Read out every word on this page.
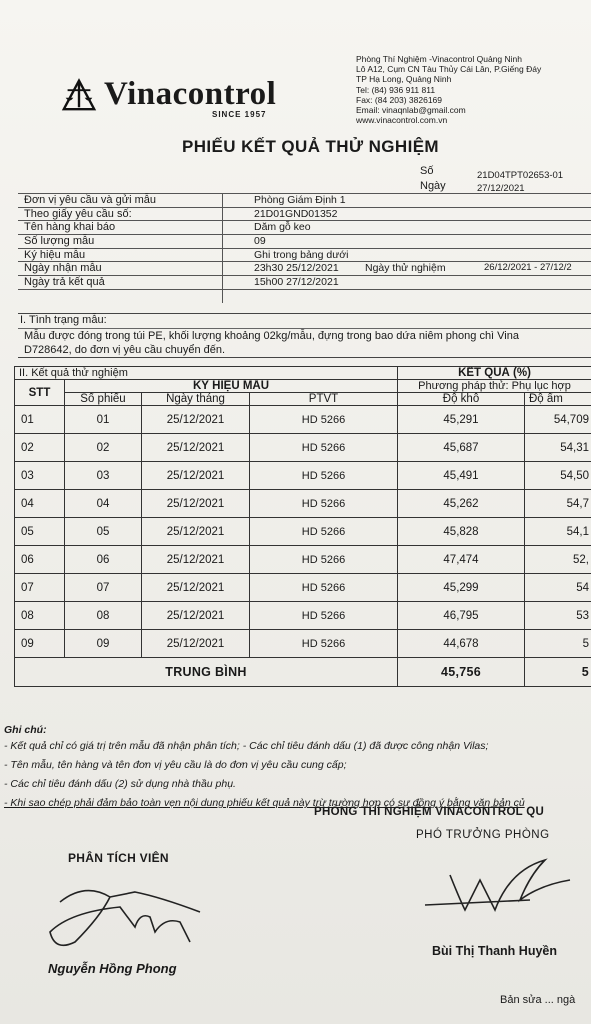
Vinacontrol
SINCE 1957
Phòng Thí Nghiệm -Vinacontrol Quảng Ninh
Lô A12, Cụm CN Tàu Thủy Cái Lân, P.Giếng Đáy
TP Hạ Long, Quảng Ninh
Tel: (84) 936 911 811
Fax: (84 203) 3826169
Email: vinaqnlab@gmail.com
www.vinacontrol.com.vn
PHIẾU KẾT QUẢ THỬ NGHIỆM
Số	21D04TPT02653-01
Ngày	27/12/2021
Đơn vị yêu cầu và gửi mẫu	Phòng Giám Định 1
Theo giấy yêu cầu số:	21D01GND01352
Tên hàng khai báo	Dăm gỗ keo
Số lượng mẫu	09
Ký hiệu mẫu	Ghi trong bảng dưới
Ngày nhận mẫu	23h30 25/12/2021	Ngày thử nghiệm	26/12/2021 - 27/12/2
Ngày trả kết quả	15h00 27/12/2021
I. Tình trạng mẫu:
Mẫu được đóng trong túi PE, khối lượng khoảng 02kg/mẫu, đựng trong bao dứa niêm phong chì Vina
D728642, do đơn vị yêu cầu chuyển đến.
II. Kết quả thử nghiệm				KẾT QUẢ (%)	
STT	KÝ HIỆU MẪU				
				Phương pháp thử: Phụ lục hợp	
	Số phiếu	Ngày tháng	PTVT	Độ khô	Độ ẩm
01	01	25/12/2021	HD 5266	45,291	54,709
02	02	25/12/2021	HD 5266	45,687	54,31
03	03	25/12/2021	HD 5266	45,491	54,50
04	04	25/12/2021	HD 5266	45,262	54,7
05	05	25/12/2021	HD 5266	45,828	54,1
06	06	25/12/2021	HD 5266	47,474	52,
07	07	25/12/2021	HD 5266	45,299	54
08	08	25/12/2021	HD 5266	46,795	53
09	09	25/12/2021	HD 5266	44,678	5
TRUNG BÌNH				45,756	5
Ghi chú:
- Kết quả chỉ có giá trị trên mẫu đã nhận phân tích; - Các chỉ tiêu đánh dấu (1) đã được công nhận Vilas;
- Tên mẫu, tên hàng và tên đơn vị yêu cầu là do đơn vị yêu cầu cung cấp;
- Các chỉ tiêu đánh dấu (2) sử dụng nhà thầu phụ.
- Khi sao chép phải đảm bảo toàn vẹn nội dung phiếu kết quả này trừ trường hợp có sự đồng ý bằng văn bản củ
PHÒNG THÍ NGHIỆM VINACONTROL QU
PHÓ TRƯỞNG PHÒNG
PHÂN TÍCH VIÊN
Nguyễn Hồng Phong
Bùi Thị Thanh Huyền
Bản sửa ... ngà
